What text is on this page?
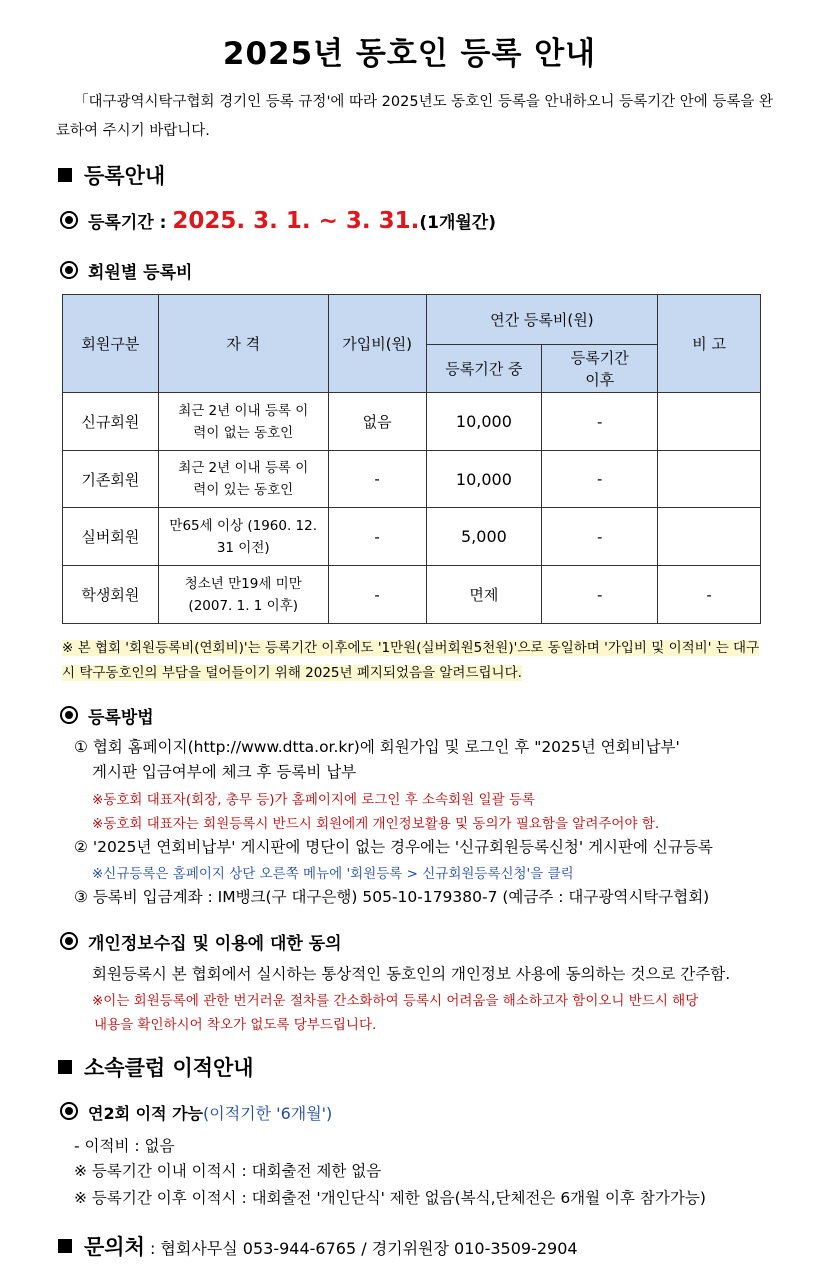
2025년 동호인 등록 안내
「대구광역시탁구협회 경기인 등록 규정'에 따라 2025년도 동호인 등록을 안내하오니 등록기간 안에 등록을 완료하여 주시기 바랍니다.
등록안내
등록기간 : 2025. 3. 1. ~ 3. 31.(1개월간)
회원별 등록비
회원구분	자 격	가입비(원)	연간 등록비(원)		비 고
			등록기간 중	등록기간 이후	
신규회원	최근 2년 이내 등록 이력이 없는 동호인	없음	10,000	-	
기존회원	최근 2년 이내 등록 이력이 있는 동호인	-	10,000	-	
실버회원	만65세 이상 (1960. 12. 31 이전)	-	5,000	-	
학생회원	청소년 만19세 미만 (2007. 1. 1 이후)	-	면제	-	-
※ 본 협회 '회원등록비(연회비)'는 등록기간 이후에도 '1만원(실버회원5천원)'으로 동일하며 '가입비 및 이적비' 는 대구시 탁구동호인의 부담을 덜어들이기 위해 2025년 폐지되었음을 알려드립니다.
등록방법
① 협회 홈페이지(http://www.dtta.or.kr)에 회원가입 및 로그인 후 "2025년 연회비납부'
게시판 입금여부에 체크 후 등록비 납부
※동호회 대표자(회장, 총무 등)가 홈페이지에 로그인 후 소속회원 일괄 등록
※동호회 대표자는 회원등록시 반드시 회원에게 개인정보활용 및 동의가 필요함을 알려주어야 함.
② '2025년 연회비납부' 게시판에 명단이 없는 경우에는 '신규회원등록신청' 게시판에 신규등록
※신규등록은 홈페이지 상단 오른쪽 메뉴에 '회원등록 > 신규회원등록신청'을 클릭
③ 등록비 입금계좌 : IM뱅크(구 대구은행) 505-10-179380-7 (예금주 : 대구광역시탁구협회)
개인정보수집 및 이용에 대한 동의
회원등록시 본 협회에서 실시하는 통상적인 동호인의 개인정보 사용에 동의하는 것으로 간주함.
※이는 회원등록에 관한 번거러운 절차를 간소화하여 등록시 어려움을 해소하고자 함이오니 반드시 해당
내용을 확인하시어 착오가 없도록 당부드립니다.
소속클럽 이적안내
연2회 이적 가능(이적기한 '6개월')
- 이적비 : 없음
※ 등록기간 이내 이적시 : 대회출전 제한 없음
※ 등록기간 이후 이적시 : 대회출전 '개인단식' 제한 없음(복식,단체전은 6개월 이후 참가가능)
문의처 : 협회사무실 053-944-6765 / 경기위원장 010-3509-2904
